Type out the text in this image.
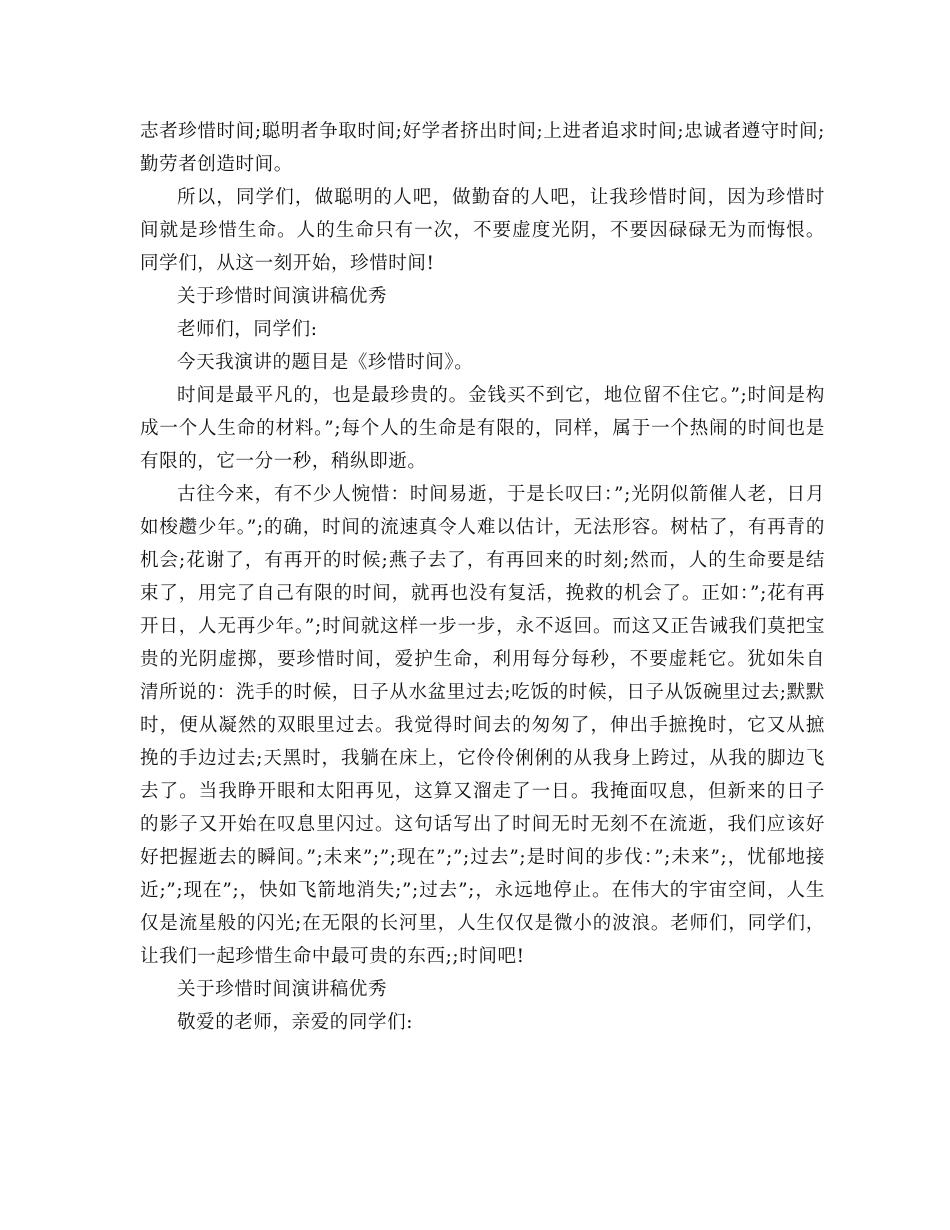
志者珍惜时间;聪明者争取时间;好学者挤出时间;上进者追求时间;忠诚者遵守时间;勤劳者创造时间。

所以，同学们，做聪明的人吧，做勤奋的人吧，让我珍惜时间，因为珍惜时间就是珍惜生命。人的生命只有一次，不要虚度光阴，不要因碌碌无为而悔恨。同学们，从这一刻开始，珍惜时间!

关于珍惜时间演讲稿优秀

老师们，同学们:

今天我演讲的题目是《珍惜时间》。

时间是最平凡的，也是最珍贵的。金钱买不到它，地位留不住它。”;时间是构成一个人生命的材料。”;每个人的生命是有限的，同样，属于一个热闹的时间也是有限的，它一分一秒，稍纵即逝。

古往今来，有不少人惋惜：时间易逝，于是长叹曰：”;光阴似箭催人老，日月如梭趱少年。”;的确，时间的流速真令人难以估计，无法形容。树枯了，有再青的机会;花谢了，有再开的时候;燕子去了，有再回来的时刻;然而，人的生命要是结束了，用完了自己有限的时间，就再也没有复活，挽救的机会了。正如：”;花有再开日，人无再少年。”;时间就这样一步一步，永不返回。而这又正告诫我们莫把宝贵的光阴虚掷，要珍惜时间，爱护生命，利用每分每秒，不要虚耗它。犹如朱自清所说的：洗手的时候，日子从水盆里过去;吃饭的时候，日子从饭碗里过去;默默时，便从凝然的双眼里过去。我觉得时间去的匆匆了，伸出手摭挽时，它又从摭挽的手边过去;天黑时，我躺在床上，它伶伶俐俐的从我身上跨过，从我的脚边飞去了。当我睁开眼和太阳再见，这算又溜走了一日。我掩面叹息，但新来的日子的影子又开始在叹息里闪过。这句话写出了时间无时无刻不在流逝，我们应该好好把握逝去的瞬间。”;未来”;”;现在”;”;过去”;是时间的步伐：”;未来”;，忧郁地接近;”;现在”;，快如飞箭地消失;”;过去”;，永远地停止。在伟大的宇宙空间，人生仅是流星般的闪光;在无限的长河里，人生仅仅是微小的波浪。老师们，同学们，让我们一起珍惜生命中最可贵的东西;;时间吧!

关于珍惜时间演讲稿优秀

敬爱的老师，亲爱的同学们:
